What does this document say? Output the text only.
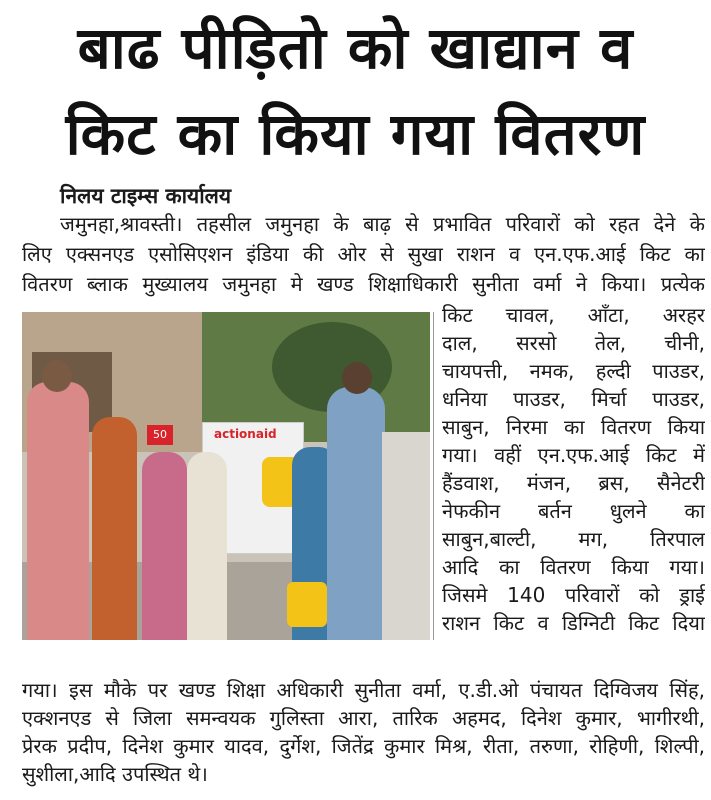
बाढ पीड़ितो को खाद्यान व
किट का किया गया वितरण
निलय टाइम्स कार्यालय
जमुनहा,श्रावस्ती। तहसील जमुनहा के बाढ़ से प्रभावित परिवारों को रहत देने के
लिए एक्सनएड एसोसिएशन इंडिया की ओर से सुखा राशन व एन.एफ.आई किट का
वितरण ब्लाक मुख्यालय जमुनहा मे खण्ड शिक्षाधिकारी सुनीता वर्मा ने किया। प्रत्येक
actionaid
50
किट चावल, आँटा, अरहर
दाल, सरसो तेल, चीनी,
चायपत्ती, नमक, हल्दी पाउडर,
धनिया पाउडर, मिर्चा पाउडर,
साबुन, निरमा का वितरण किया
गया। वहीं एन.एफ.आई किट में
हैंडवाश, मंजन, ब्रस, सैनेटरी
नेफकीन बर्तन धुलने का
साबुन,बाल्टी, मग, तिरपाल
आदि का वितरण किया गया।
जिसमे 140 परिवारों को ड्राई
राशन किट व डिग्निटी किट दिया
गया। इस मौके पर खण्ड शिक्षा अधिकारी सुनीता वर्मा, ए.डी.ओ पंचायत दिग्विजय सिंह,
एक्शनएड से जिला समन्वयक गुलिस्ता आरा, तारिक अहमद, दिनेश कुमार, भागीरथी,
प्रेरक प्रदीप, दिनेश कुमार यादव, दुर्गेश, जितेंद्र कुमार मिश्र, रीता, तरुणा, रोहिणी, शिल्पी,
सुशीला,आदि उपस्थित थे।
